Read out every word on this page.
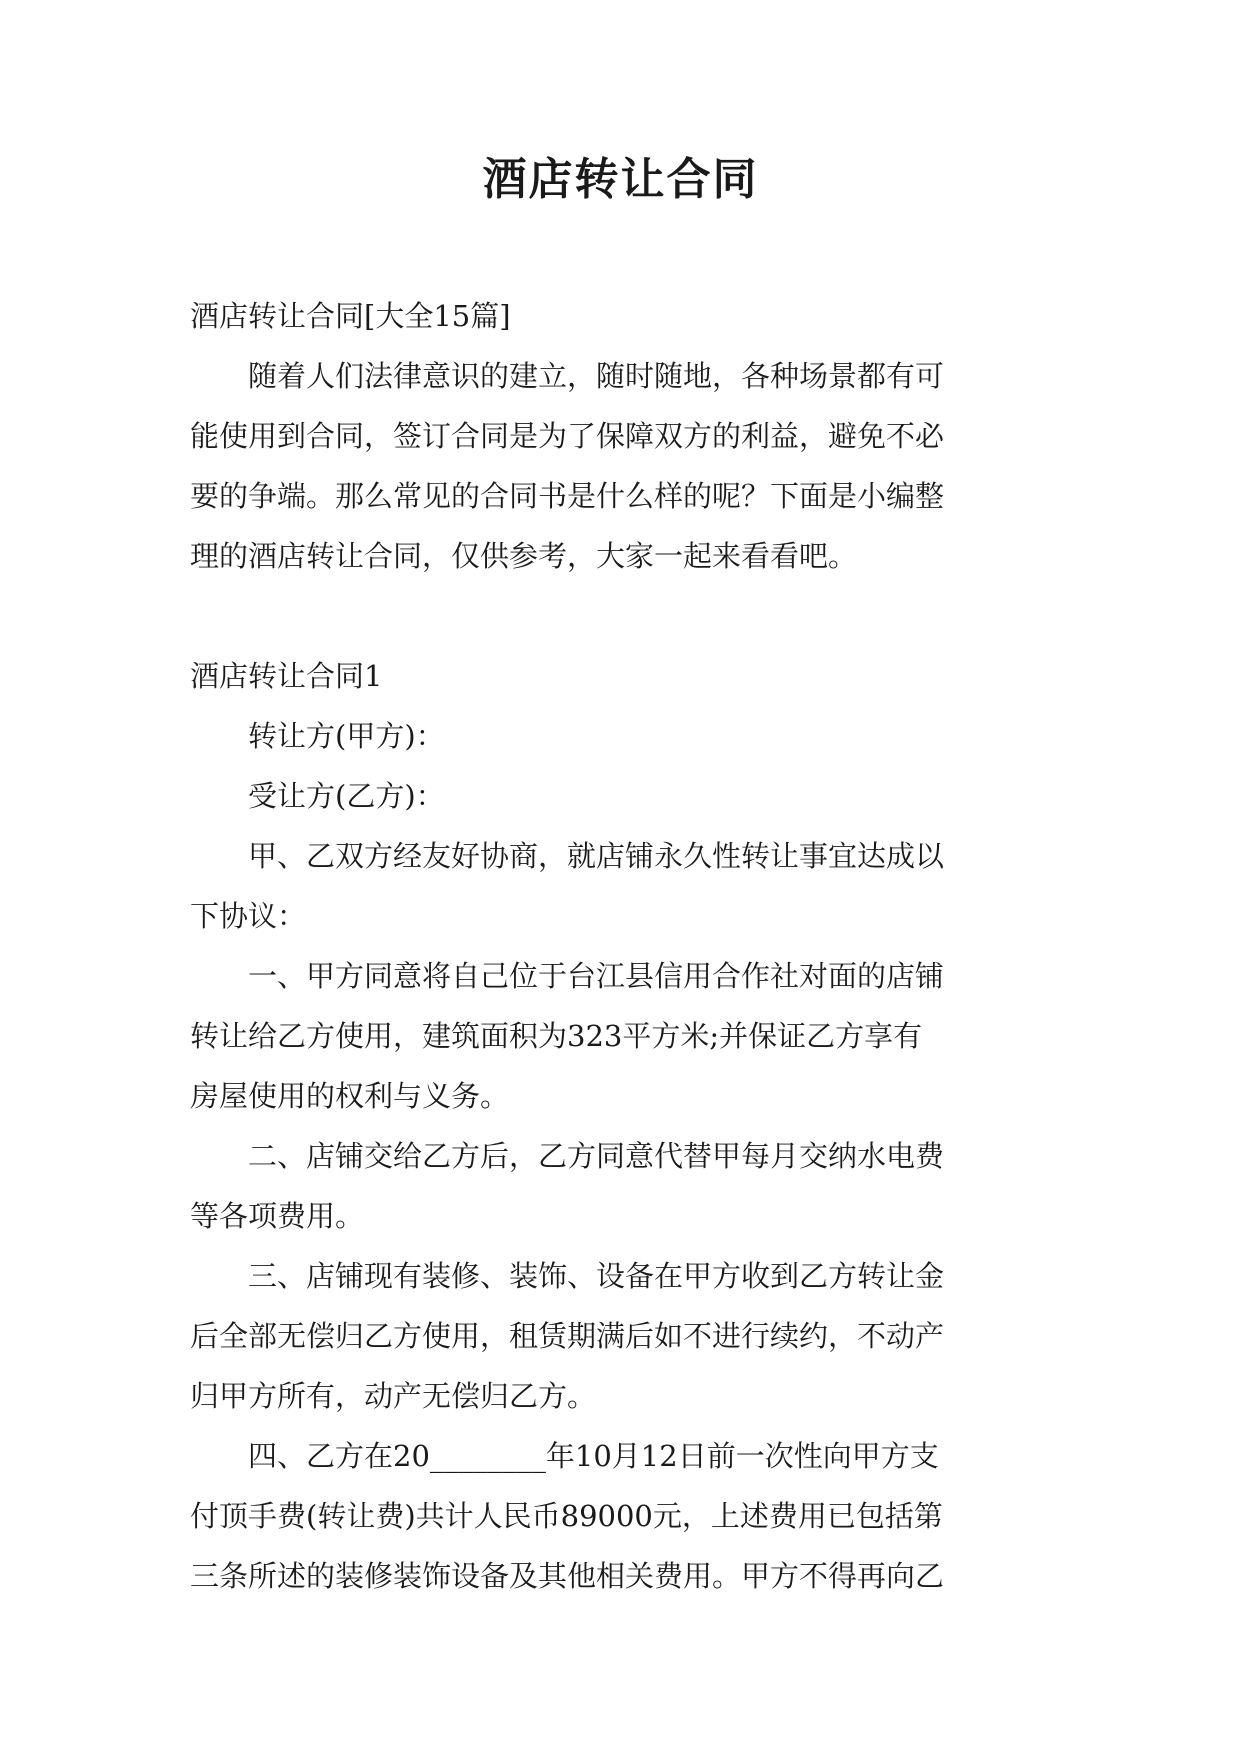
酒店转让合同

酒店转让合同[大全15篇]

随着人们法律意识的建立，随时随地，各种场景都有可

能使用到合同，签订合同是为了保障双方的利益，避免不必

要的争端。那么常见的合同书是什么样的呢？下面是小编整

理的酒店转让合同，仅供参考，大家一起来看看吧。

酒店转让合同1

转让方(甲方)：

受让方(乙方)：

甲、乙双方经友好协商，就店铺永久性转让事宜达成以

下协议：

一、甲方同意将自己位于台江县信用合作社对面的店铺

转让给乙方使用，建筑面积为323平方米;并保证乙方享有

房屋使用的权利与义务。

二、店铺交给乙方后，乙方同意代替甲每月交纳水电费

等各项费用。

三、店铺现有装修、装饰、设备在甲方收到乙方转让金

后全部无偿归乙方使用，租赁期满后如不进行续约，不动产

归甲方所有，动产无偿归乙方。

四、乙方在20________年10月12日前一次性向甲方支

付顶手费(转让费)共计人民币89000元，上述费用已包括第

三条所述的装修装饰设备及其他相关费用。甲方不得再向乙
